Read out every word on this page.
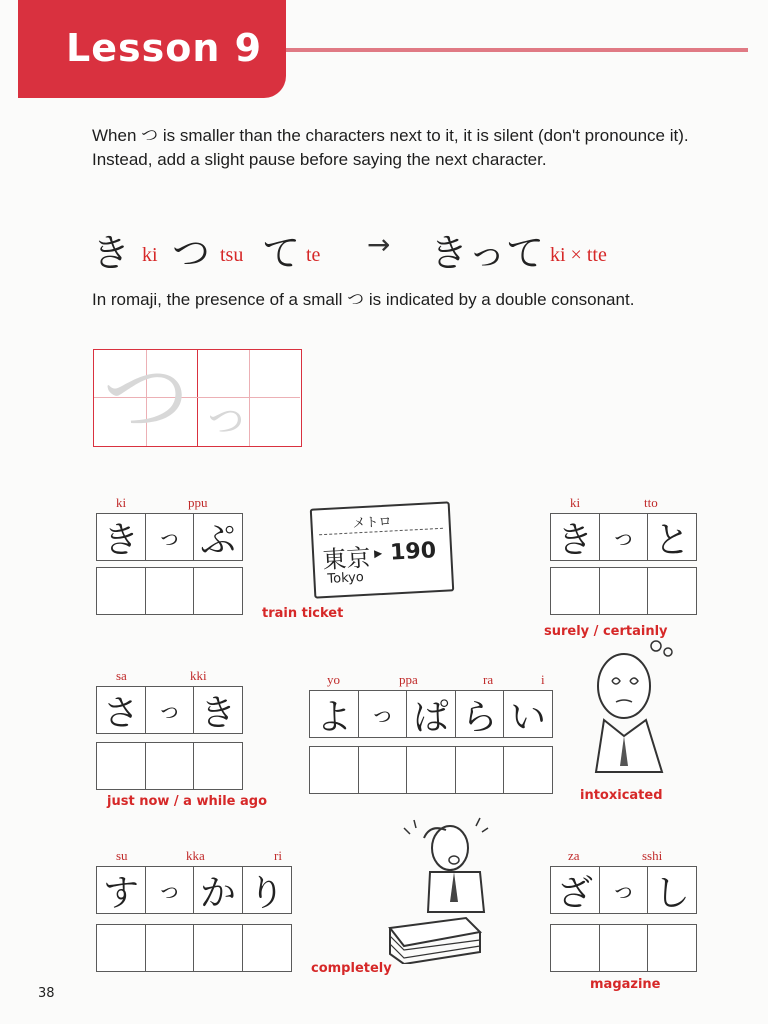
Lesson 9
When つ is smaller than the characters next to it, it is silent (don't pronounce it). Instead, add a slight pause before saying the next character.
き ki つ tsu て te → きって ki × tte
In romaji, the presence of a small つ is indicated by a double consonant.
つ っ
ki	ppu
き っ ぷ
train ticket
メトロ
東京 ▸ 190
Tokyo
ki	tto
き っ と
surely / certainly
sa	kki
さ っ き
just now / a while ago
yo	ppa	ra	i
よ っ ぱ ら い
intoxicated
su	kka	ri
す っ か り
completely
za	sshi
ざ っ し
magazine
38
